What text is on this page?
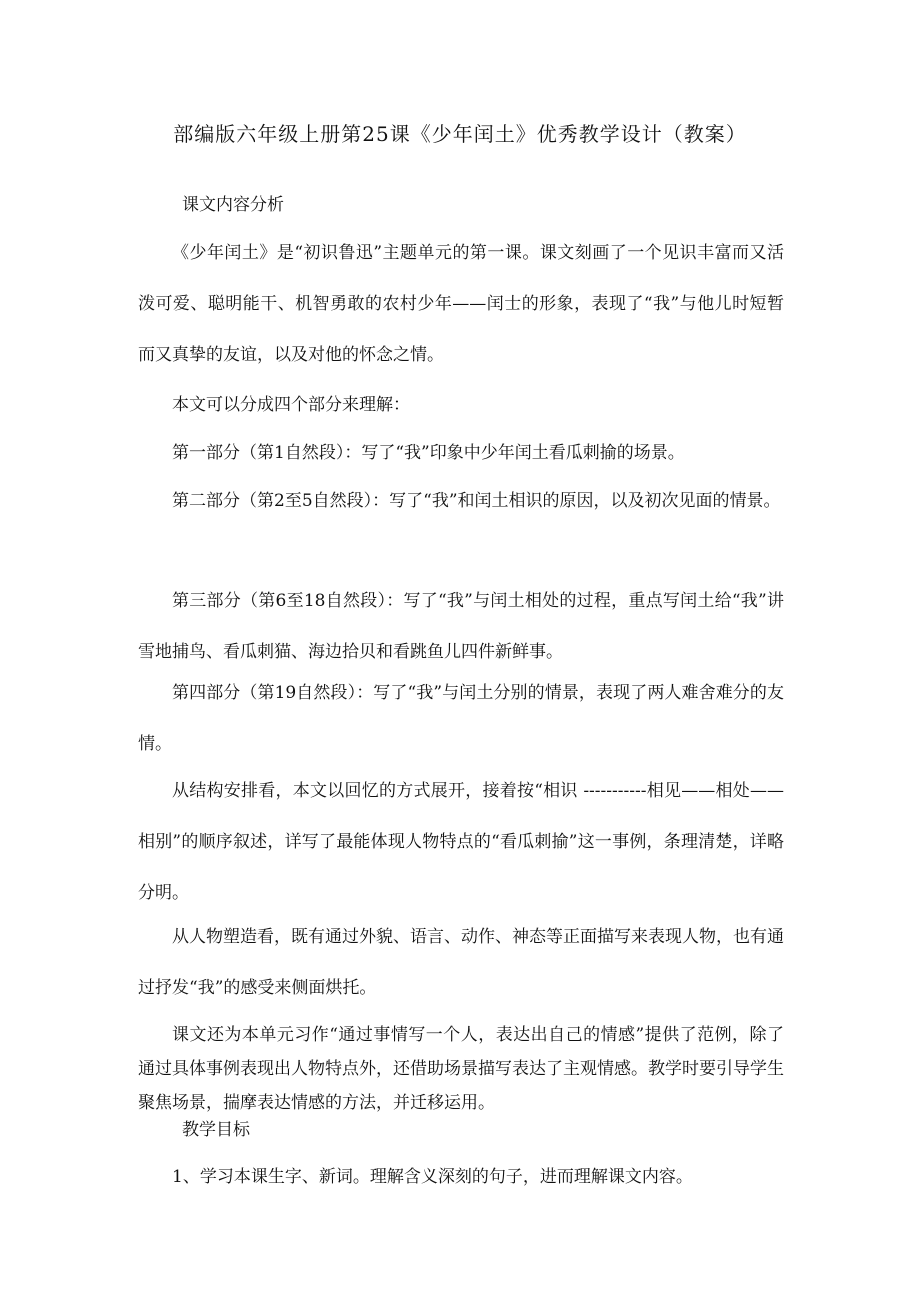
部编版六年级上册第25课《少年闰土》优秀教学设计（教案）

课文内容分析

《少年闰土》是“初识鲁迅”主题单元的第一课。课文刻画了一个见识丰富而又活泼可爱、聪明能干、机智勇敢的农村少年——闰士的形象，表现了“我”与他儿时短暂而又真挚的友谊，以及对他的怀念之情。

本文可以分成四个部分来理解：

第一部分（第1自然段）：写了“我”印象中少年闰土看瓜刺揄的场景。

第二部分（第2至5自然段）：写了“我”和闰土相识的原因，以及初次见面的情景。

第三部分（第6至18自然段）：写了“我”与闰土相处的过程，重点写闰土给“我”讲雪地捕鸟、看瓜刺猫、海边拾贝和看跳鱼儿四件新鲜事。

第四部分（第19自然段）：写了“我”与闰土分别的情景，表现了两人难舍难分的友情。

从结构安排看，本文以回忆的方式展开，接着按“相识 -----------相见——相处——相别”的顺序叙述，详写了最能体现人物特点的“看瓜刺揄”这一事例，条理清楚，详略分明。

从人物塑造看，既有通过外貌、语言、动作、神态等正面描写来表现人物，也有通过抒发“我”的感受来侧面烘托。

课文还为本单元习作“通过事情写一个人，表达出自己的情感”提供了范例，除了通过具体事例表现出人物特点外，还借助场景描写表达了主观情感。教学时要引导学生聚焦场景，揣摩表达情感的方法，并迁移运用。

教学目标

1、学习本课生字、新词。理解含义深刻的句子，进而理解课文内容。
